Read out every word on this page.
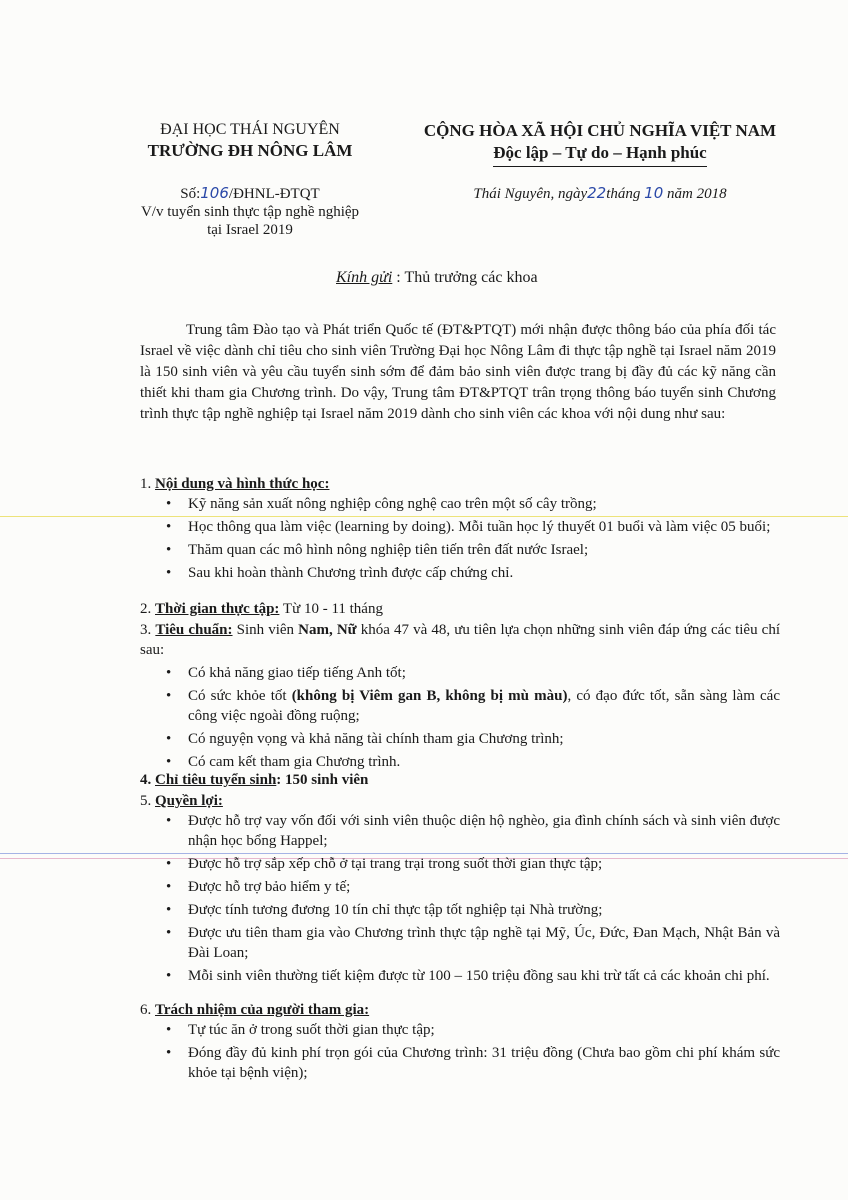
ĐẠI HỌC THÁI NGUYÊN
TRƯỜNG ĐH NÔNG LÂM
CỘNG HÒA XÃ HỘI CHỦ NGHĨA VIỆT NAM
Độc lập – Tự do – Hạnh phúc
Số:106/ĐHNL-ĐTQT
V/v tuyển sinh thực tập nghề nghiệp
tại Israel 2019
Thái Nguyên, ngày22tháng 10 năm 2018
Kính gửi : Thủ trưởng các khoa

Trung tâm Đào tạo và Phát triển Quốc tế (ĐT&PTQT) mới nhận được thông báo của phía đối tác Israel về việc dành chỉ tiêu cho sinh viên Trường Đại học Nông Lâm đi thực tập nghề tại Israel năm 2019 là 150 sinh viên và yêu cầu tuyển sinh sớm để đảm bảo sinh viên được trang bị đầy đủ các kỹ năng cần thiết khi tham gia Chương trình. Do vậy, Trung tâm ĐT&PTQT trân trọng thông báo tuyển sinh Chương trình thực tập nghề nghiệp tại Israel năm 2019 dành cho sinh viên các khoa với nội dung như sau:

1. Nội dung và hình thức học:
• Kỹ năng sản xuất nông nghiệp công nghệ cao trên một số cây trồng;
• Học thông qua làm việc (learning by doing). Mỗi tuần học lý thuyết 01 buổi và làm việc 05 buổi;
• Thăm quan các mô hình nông nghiệp tiên tiến trên đất nước Israel;
• Sau khi hoàn thành Chương trình được cấp chứng chỉ.
2. Thời gian thực tập: Từ 10 - 11 tháng
3. Tiêu chuẩn: Sinh viên Nam, Nữ khóa 47 và 48, ưu tiên lựa chọn những sinh viên đáp ứng các tiêu chí sau:
• Có khả năng giao tiếp tiếng Anh tốt;
• Có sức khỏe tốt (không bị Viêm gan B, không bị mù màu), có đạo đức tốt, sẵn sàng làm các công việc ngoài đồng ruộng;
• Có nguyện vọng và khả năng tài chính tham gia Chương trình;
• Có cam kết tham gia Chương trình.
4. Chỉ tiêu tuyển sinh: 150 sinh viên
5. Quyền lợi:
• Được hỗ trợ vay vốn đối với sinh viên thuộc diện hộ nghèo, gia đình chính sách và sinh viên được nhận học bổng Happel;
• Được hỗ trợ sắp xếp chỗ ở tại trang trại trong suốt thời gian thực tập;
• Được hỗ trợ bảo hiểm y tế;
• Được tính tương đương 10 tín chỉ thực tập tốt nghiệp tại Nhà trường;
• Được ưu tiên tham gia vào Chương trình thực tập nghề tại Mỹ, Úc, Đức, Đan Mạch, Nhật Bản và Đài Loan;
• Mỗi sinh viên thường tiết kiệm được từ 100 – 150 triệu đồng sau khi trừ tất cả các khoản chi phí.
6. Trách nhiệm của người tham gia:
• Tự túc ăn ở trong suốt thời gian thực tập;
• Đóng đầy đủ kinh phí trọn gói của Chương trình: 31 triệu đồng (Chưa bao gồm chi phí khám sức khỏe tại bệnh viện);
